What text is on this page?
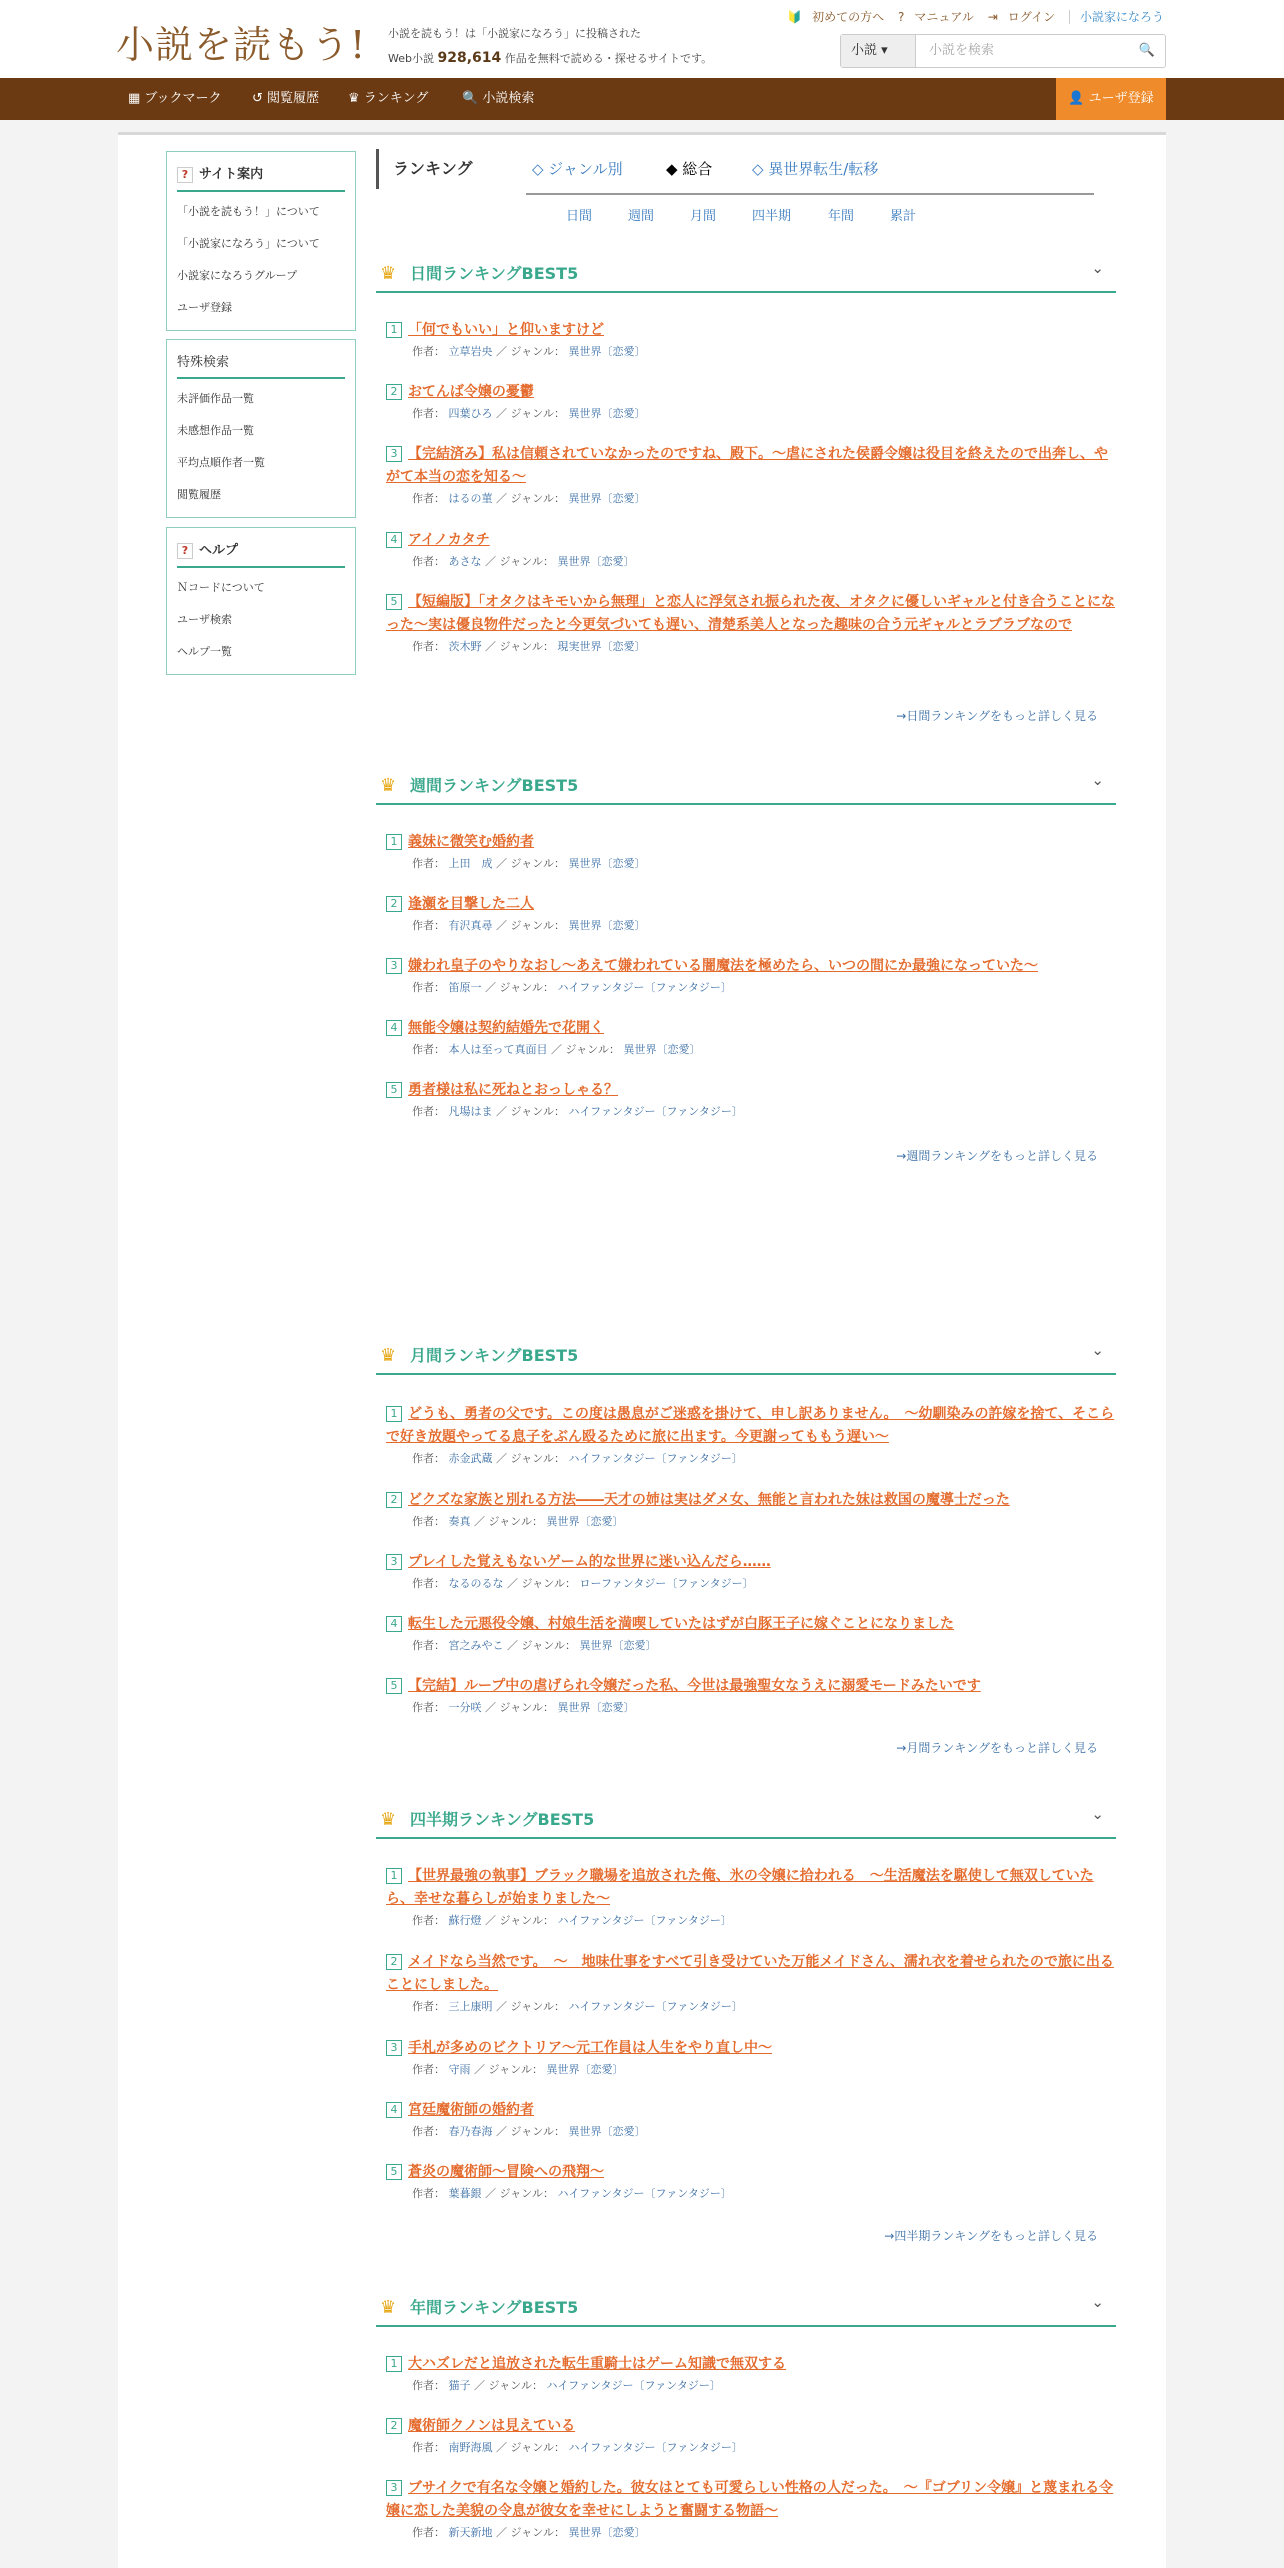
小説を読もう! 小説を読もう！は「小説家になろう」に投稿された
Web小説 928,614 作品を無料で読める・探せるサイトです。
🔰 初めての方へ ? マニュアル ⇥ ログイン 小説家になろう
小説 ▾	小説を検索	🔍
▦ ブックマーク ↺ 閲覧履歴 ♛ ランキング	🔍 小説検索	👤 ユーザ登録
? サイト案内
「小説を読もう！」について
「小説家になろう」について
小説家になろうグループ
ユーザ登録
特殊検索
未評価作品一覧
未感想作品一覧
平均点順作者一覧
閲覧履歴
? ヘルプ
Ｎコードについて
ユーザ検索
ヘルプ一覧
ランキング	◇ ジャンル別	◆ 総合	◇ 異世界転生/転移
日間	週間	月間	四半期	年間	累計
♛ 日間ランキングBEST5	⌄
1 「何でもいい」と仰いますけど
作者： 立草岩央 ／ ジャンル： 異世界〔恋愛〕
2 おてんば令嬢の憂鬱
作者： 四葉ひろ ／ ジャンル： 異世界〔恋愛〕
3 【完結済み】私は信頼されていなかったのですね、殿下。～虐にされた侯爵令嬢は役目を終えたので出奔し、やがて本当の恋を知る～
作者： はるの菫 ／ ジャンル： 異世界〔恋愛〕
4 アイノカタチ
作者： あさな ／ ジャンル： 異世界〔恋愛〕
5 【短編版】「オタクはキモいから無理」と恋人に浮気され振られた夜、オタクに優しいギャルと付き合うことになった～実は優良物件だったと今更気づいても遅い、清楚系美人となった趣味の合う元ギャルとラブラブなので
作者： 茨木野 ／ ジャンル： 現実世界〔恋愛〕
→日間ランキングをもっと詳しく見る
♛ 週間ランキングBEST5	⌄
1 義妹に微笑む婚約者
作者： 上田　成 ／ ジャンル： 異世界〔恋愛〕
2 逢瀬を目撃した二人
作者： 有沢真尋 ／ ジャンル： 異世界〔恋愛〕
3 嫌われ皇子のやりなおし～あえて嫌われている闇魔法を極めたら、いつの間にか最強になっていた～
作者： 笛原一 ／ ジャンル： ハイファンタジー〔ファンタジー〕
4 無能令嬢は契約結婚先で花開く
作者： 本人は至って真面目 ／ ジャンル： 異世界〔恋愛〕
5 勇者様は私に死ねとおっしゃる？
作者： 凡場はま ／ ジャンル： ハイファンタジー〔ファンタジー〕
→週間ランキングをもっと詳しく見る
♛ 月間ランキングBEST5	⌄
1 どうも、勇者の父です。この度は愚息がご迷惑を掛けて、申し訳ありません。　～幼馴染みの許嫁を捨て、そこらで好き放題やってる息子をぶん殴るために旅に出ます。今更謝ってももう遅い～
作者： 赤金武蔵 ／ ジャンル： ハイファンタジー〔ファンタジー〕
2 どクズな家族と別れる方法――天才の姉は実はダメ女、無能と言われた妹は救国の魔導士だった
作者： 奏真 ／ ジャンル： 異世界〔恋愛〕
3 プレイした覚えもないゲーム的な世界に迷い込んだら……
作者： なるのるな ／ ジャンル： ローファンタジー〔ファンタジー〕
4 転生した元悪役令嬢、村娘生活を満喫していたはずが白豚王子に嫁ぐことになりました
作者： 宮之みやこ ／ ジャンル： 異世界〔恋愛〕
5 【完結】ループ中の虐げられ令嬢だった私、今世は最強聖女なうえに溺愛モードみたいです
作者： 一分咲 ／ ジャンル： 異世界〔恋愛〕
→月間ランキングをもっと詳しく見る
♛ 四半期ランキングBEST5	⌄
1 【世界最強の執事】ブラック職場を追放された俺、氷の令嬢に拾われる　～生活魔法を駆使して無双していたら、幸せな暮らしが始まりました～
作者： 蘇行燈 ／ ジャンル： ハイファンタジー〔ファンタジー〕
2 メイドなら当然です。　～　地味仕事をすべて引き受けていた万能メイドさん、濡れ衣を着せられたので旅に出ることにしました。
作者： 三上康明 ／ ジャンル： ハイファンタジー〔ファンタジー〕
3 手札が多めのビクトリア〜元工作員は人生をやり直し中〜
作者： 守雨 ／ ジャンル： 異世界〔恋愛〕
4 宮廷魔術師の婚約者
作者： 春乃春海 ／ ジャンル： 異世界〔恋愛〕
5 蒼炎の魔術師〜冒険への飛翔〜
作者： 葉暮銀 ／ ジャンル： ハイファンタジー〔ファンタジー〕
→四半期ランキングをもっと詳しく見る
♛ 年間ランキングBEST5	⌄
1 大ハズレだと追放された転生重騎士はゲーム知識で無双する
作者： 猫子 ／ ジャンル： ハイファンタジー〔ファンタジー〕
2 魔術師クノンは見えている
作者： 南野海風 ／ ジャンル： ハイファンタジー〔ファンタジー〕
3 ブサイクで有名な令嬢と婚約した。彼女はとても可愛らしい性格の人だった。　～『ゴブリン令嬢』と蔑まれる令嬢に恋した美貌の令息が彼女を幸せにしようと奮闘する物語～
作者： 新天新地 ／ ジャンル： 異世界〔恋愛〕
